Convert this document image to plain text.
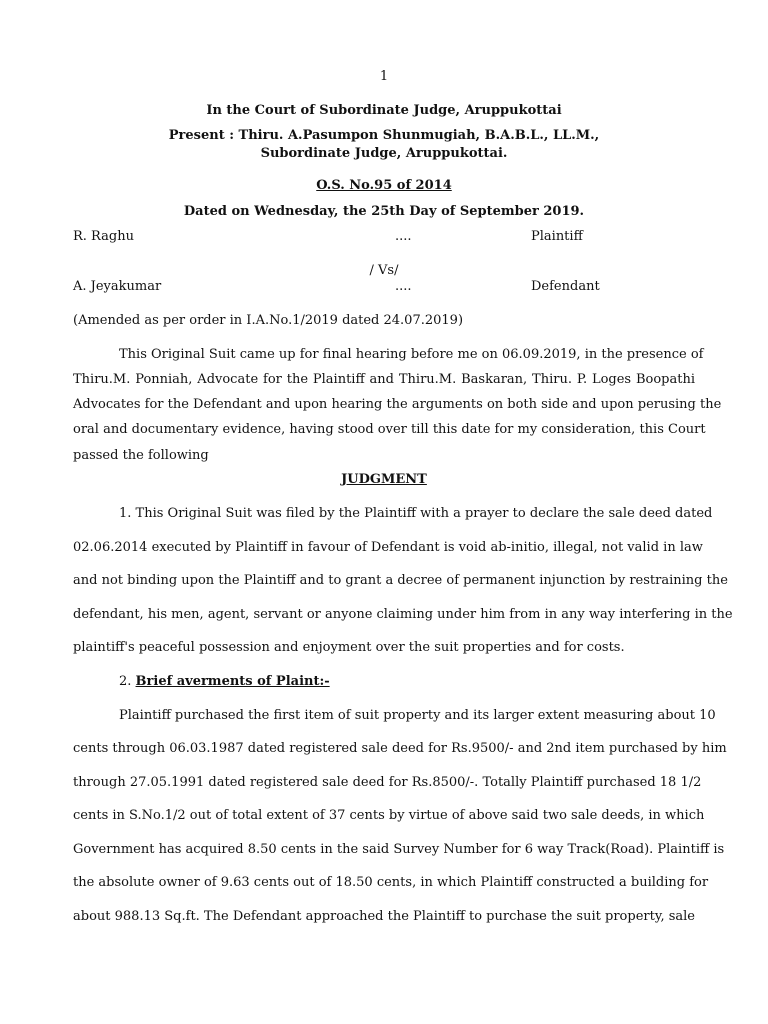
1
In the Court of Subordinate Judge, Aruppukottai
Present : Thiru. A.Pasumpon Shunmugiah, B.A.B.L., LL.M.,
Subordinate Judge, Aruppukottai.
O.S. No.95 of 2014
Dated on Wednesday, the 25th Day of September 2019.
R. Raghu	....	Plaintiff
/ Vs/
A. Jeyakumar	....	Defendant
(Amended as per order in I.A.No.1/2019 dated 24.07.2019)
This Original Suit came up for final hearing before me on 06.09.2019, in the presence of
Thiru.M. Ponniah, Advocate for the Plaintiff and Thiru.M. Baskaran, Thiru. P. Loges Boopathi
Advocates for the Defendant and upon hearing the arguments on both side and upon perusing the
oral and documentary evidence, having stood over till this date for my consideration, this Court
passed the following
JUDGMENT
1. This Original Suit was filed by the Plaintiff with a prayer to declare the sale deed dated
02.06.2014 executed by Plaintiff in favour of Defendant is void ab-initio, illegal, not valid in law
and not binding upon the Plaintiff and to grant a decree of permanent injunction by restraining the
defendant, his men, agent, servant or anyone claiming under him from in any way interfering in the
plaintiff's peaceful possession and enjoyment over the suit properties and for costs.
2. Brief averments of Plaint:-
Plaintiff purchased the first item of suit property and its larger extent measuring about 10
cents through 06.03.1987 dated registered sale deed for Rs.9500/- and 2nd item purchased by him
through 27.05.1991 dated registered sale deed for Rs.8500/-. Totally Plaintiff purchased 18 1/2
cents in S.No.1/2 out of total extent of 37 cents by virtue of above said two sale deeds, in which
Government has acquired 8.50 cents in the said Survey Number for 6 way Track(Road). Plaintiff is
the absolute owner of 9.63 cents out of 18.50 cents, in which Plaintiff constructed a building for
about 988.13 Sq.ft. The Defendant approached the Plaintiff to purchase the suit property, sale
